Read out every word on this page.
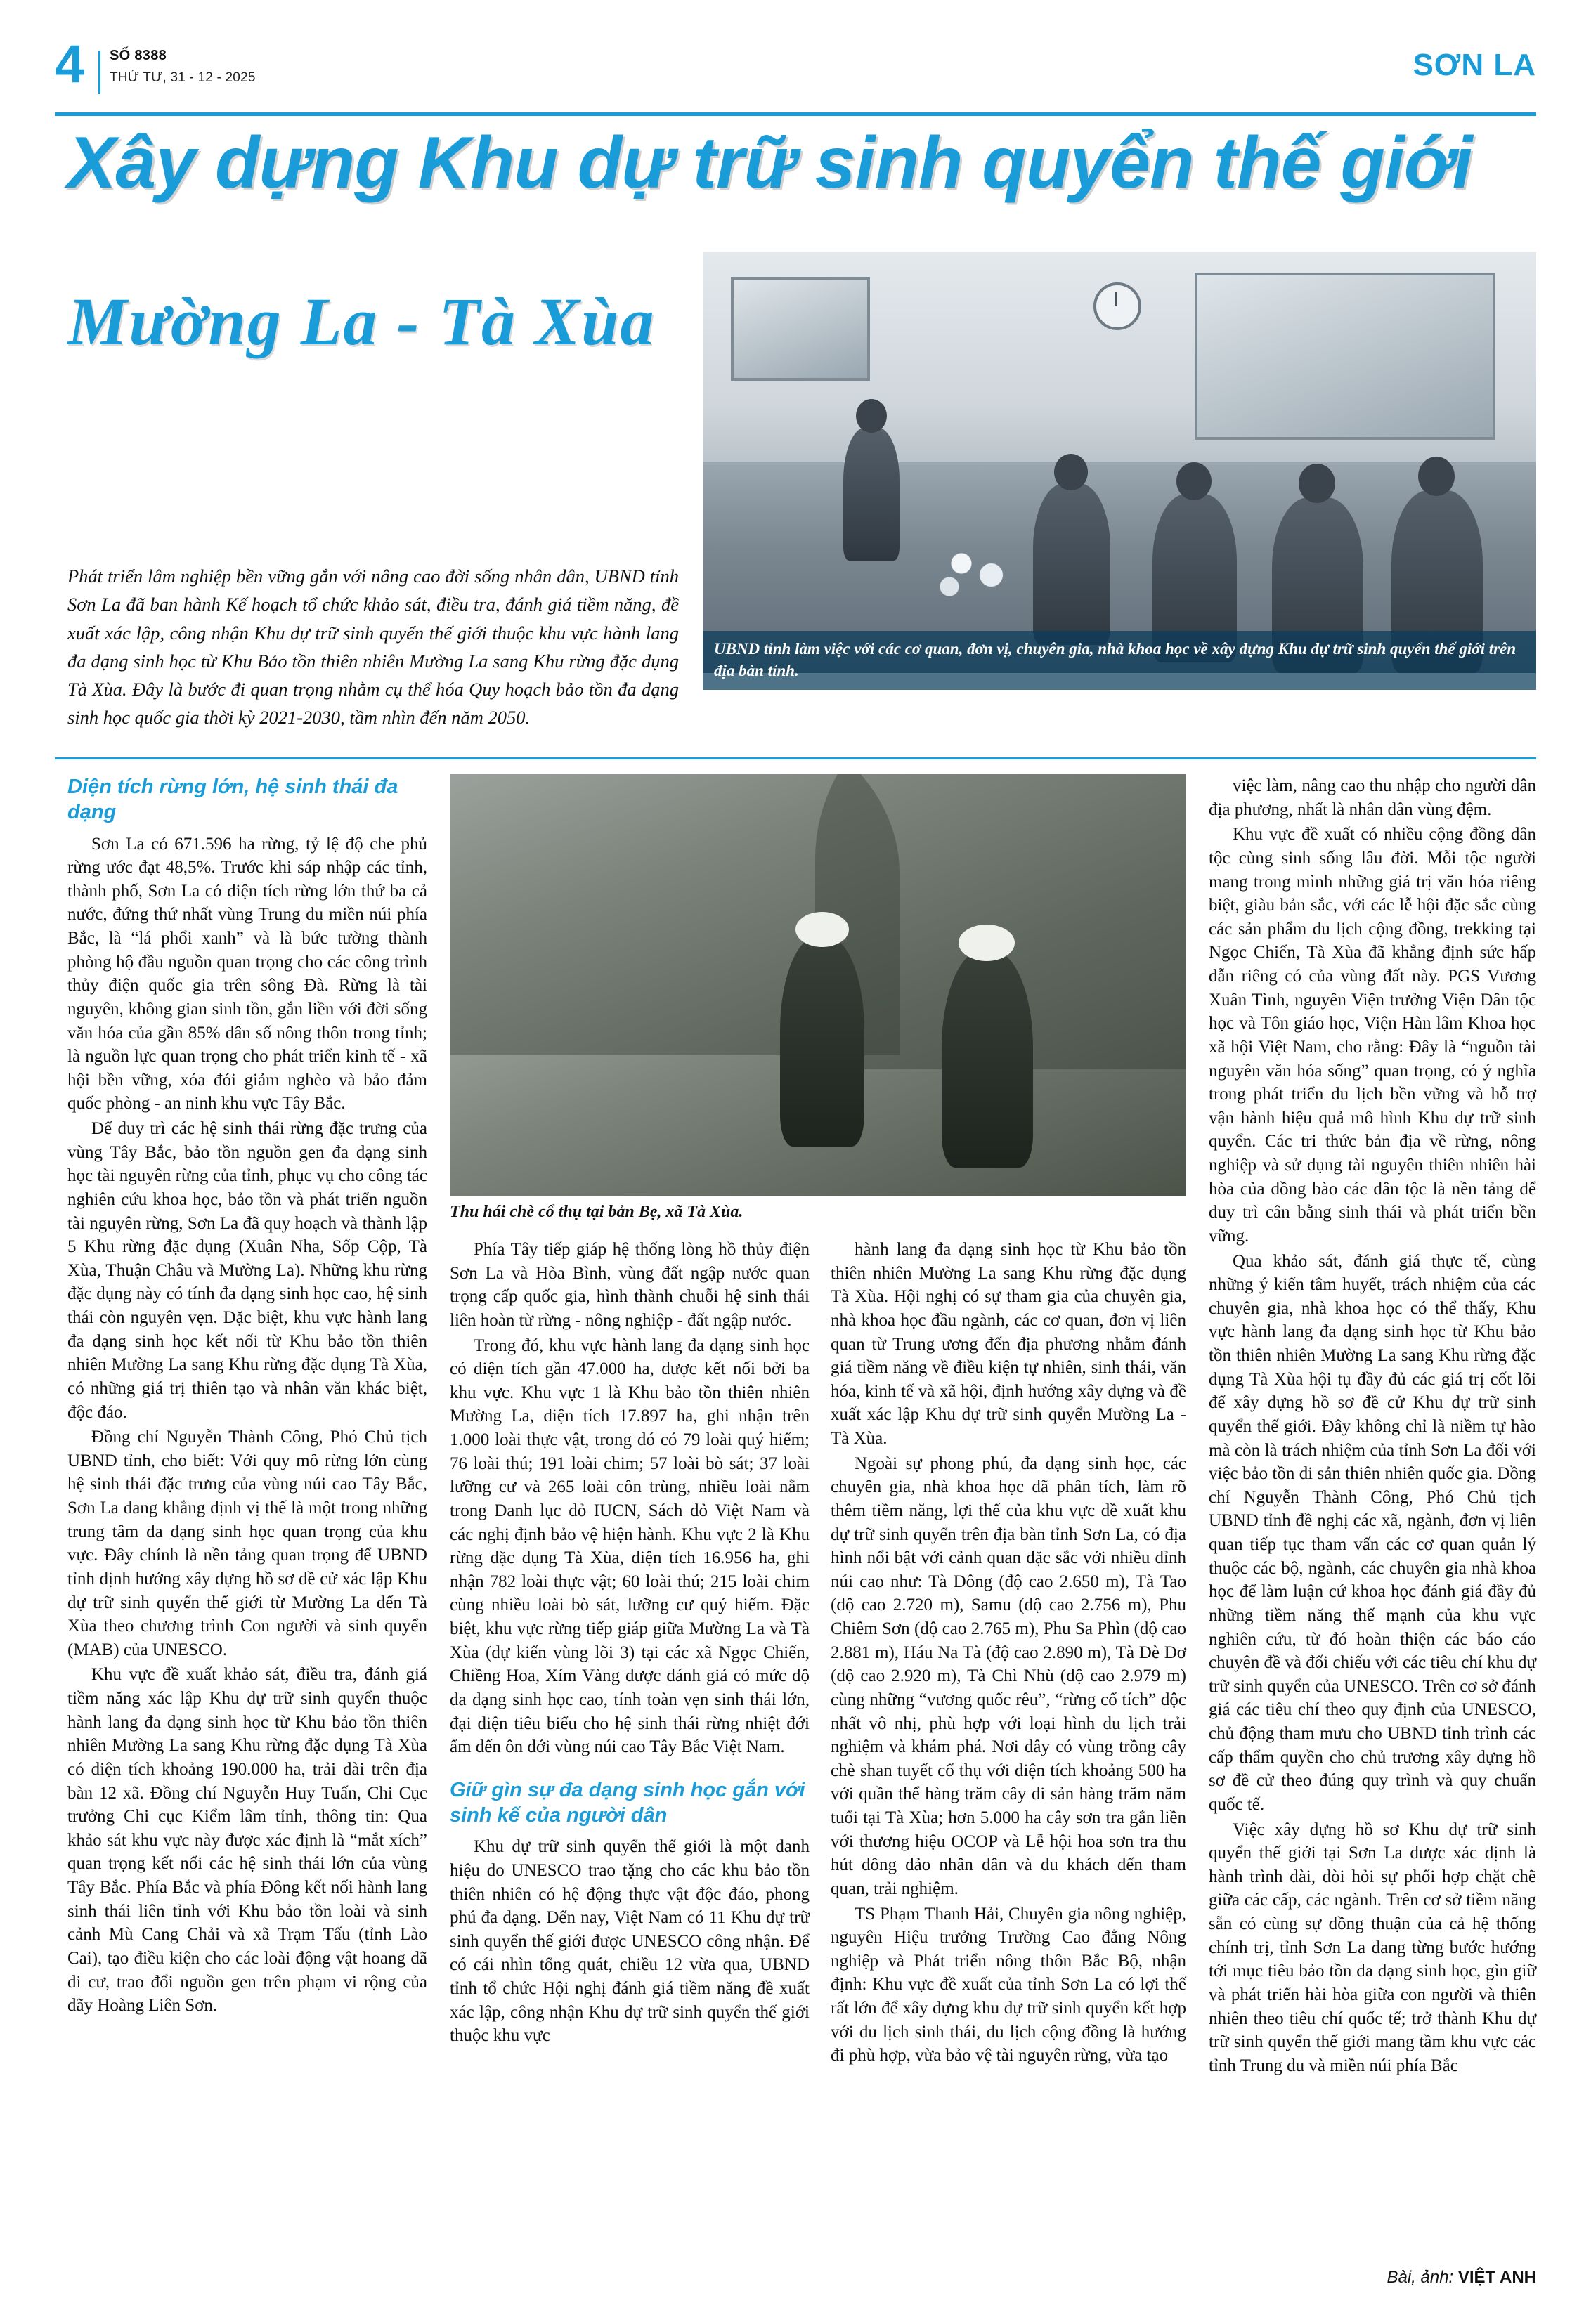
4 SỐ 8388
THỨ TƯ, 31 - 12 - 2025	SƠN LA
Xây dựng Khu dự trữ sinh quyển thế giới
Mường La - Tà Xùa
Phát triển lâm nghiệp bền vững gắn với nâng cao đời sống nhân dân, UBND tỉnh Sơn La đã ban hành Kế hoạch tổ chức khảo sát, điều tra, đánh giá tiềm năng, đề xuất xác lập, công nhận Khu dự trữ sinh quyển thế giới thuộc khu vực hành lang đa dạng sinh học từ Khu Bảo tồn thiên nhiên Mường La sang Khu rừng đặc dụng Tà Xùa. Đây là bước đi quan trọng nhằm cụ thể hóa Quy hoạch bảo tồn đa dạng sinh học quốc gia thời kỳ 2021-2030, tầm nhìn đến năm 2050.
UBND tỉnh làm việc với các cơ quan, đơn vị, chuyên gia, nhà khoa học về xây dựng Khu dự trữ sinh quyển thế giới trên địa bàn tỉnh.
Diện tích rừng lớn, hệ sinh thái đa dạng

Sơn La có 671.596 ha rừng, tỷ lệ độ che phủ rừng ước đạt 48,5%. Trước khi sáp nhập các tỉnh, thành phố, Sơn La có diện tích rừng lớn thứ ba cả nước, đứng thứ nhất vùng Trung du miền núi phía Bắc, là “lá phổi xanh” và là bức tường thành phòng hộ đầu nguồn quan trọng cho các công trình thủy điện quốc gia trên sông Đà. Rừng là tài nguyên, không gian sinh tồn, gắn liền với đời sống văn hóa của gần 85% dân số nông thôn trong tỉnh; là nguồn lực quan trọng cho phát triển kinh tế - xã hội bền vững, xóa đói giảm nghèo và bảo đảm quốc phòng - an ninh khu vực Tây Bắc.

Để duy trì các hệ sinh thái rừng đặc trưng của vùng Tây Bắc, bảo tồn nguồn gen đa dạng sinh học tài nguyên rừng của tỉnh, phục vụ cho công tác nghiên cứu khoa học, bảo tồn và phát triển nguồn tài nguyên rừng, Sơn La đã quy hoạch và thành lập 5 Khu rừng đặc dụng (Xuân Nha, Sốp Cộp, Tà Xùa, Thuận Châu và Mường La). Những khu rừng đặc dụng này có tính đa dạng sinh học cao, hệ sinh thái còn nguyên vẹn. Đặc biệt, khu vực hành lang đa dạng sinh học kết nối từ Khu bảo tồn thiên nhiên Mường La sang Khu rừng đặc dụng Tà Xùa, có những giá trị thiên tạo và nhân văn khác biệt, độc đáo.

Đồng chí Nguyễn Thành Công, Phó Chủ tịch UBND tỉnh, cho biết: Với quy mô rừng lớn cùng hệ sinh thái đặc trưng của vùng núi cao Tây Bắc, Sơn La đang khẳng định vị thế là một trong những trung tâm đa dạng sinh học quan trọng của khu vực. Đây chính là nền tảng quan trọng để UBND tỉnh định hướng xây dựng hồ sơ đề cử xác lập Khu dự trữ sinh quyển thế giới từ Mường La đến Tà Xùa theo chương trình Con người và sinh quyển (MAB) của UNESCO.

Khu vực đề xuất khảo sát, điều tra, đánh giá tiềm năng xác lập Khu dự trữ sinh quyển thuộc hành lang đa dạng sinh học từ Khu bảo tồn thiên nhiên Mường La sang Khu rừng đặc dụng Tà Xùa có diện tích khoảng 190.000 ha, trải dài trên địa bàn 12 xã. Đồng chí Nguyễn Huy Tuấn, Chi Cục trưởng Chi cục Kiểm lâm tỉnh, thông tin: Qua khảo sát khu vực này được xác định là “mắt xích” quan trọng kết nối các hệ sinh thái lớn của vùng Tây Bắc. Phía Bắc và phía Đông kết nối hành lang sinh thái liên tỉnh với Khu bảo tồn loài và sinh cảnh Mù Cang Chải và xã Trạm Tấu (tỉnh Lào Cai), tạo điều kiện cho các loài động vật hoang dã di cư, trao đổi nguồn gen trên phạm vi rộng của dãy Hoàng Liên Sơn.

Thu hái chè cổ thụ tại bản Bẹ, xã Tà Xùa.

Phía Tây tiếp giáp hệ thống lòng hồ thủy điện Sơn La và Hòa Bình, vùng đất ngập nước quan trọng cấp quốc gia, hình thành chuỗi hệ sinh thái liên hoàn từ rừng - nông nghiệp - đất ngập nước.

Trong đó, khu vực hành lang đa dạng sinh học có diện tích gần 47.000 ha, được kết nối bởi ba khu vực. Khu vực 1 là Khu bảo tồn thiên nhiên Mường La, diện tích 17.897 ha, ghi nhận trên 1.000 loài thực vật, trong đó có 79 loài quý hiếm; 76 loài thú; 191 loài chim; 57 loài bò sát; 37 loài lưỡng cư và 265 loài côn trùng, nhiều loài nằm trong Danh lục đỏ IUCN, Sách đỏ Việt Nam và các nghị định bảo vệ hiện hành. Khu vực 2 là Khu rừng đặc dụng Tà Xùa, diện tích 16.956 ha, ghi nhận 782 loài thực vật; 60 loài thú; 215 loài chim cùng nhiều loài bò sát, lưỡng cư quý hiếm. Đặc biệt, khu vực rừng tiếp giáp giữa Mường La và Tà Xùa (dự kiến vùng lõi 3) tại các xã Ngọc Chiến, Chiềng Hoa, Xím Vàng được đánh giá có mức độ đa dạng sinh học cao, tính toàn vẹn sinh thái lớn, đại diện tiêu biểu cho hệ sinh thái rừng nhiệt đới ẩm đến ôn đới vùng núi cao Tây Bắc Việt Nam.

Giữ gìn sự đa dạng sinh học gắn với sinh kế của người dân

Khu dự trữ sinh quyển thế giới là một danh hiệu do UNESCO trao tặng cho các khu bảo tồn thiên nhiên có hệ động thực vật độc đáo, phong phú đa dạng. Đến nay, Việt Nam có 11 Khu dự trữ sinh quyển thế giới được UNESCO công nhận. Để có cái nhìn tổng quát, chiều 12 vừa qua, UBND tỉnh tổ chức Hội nghị đánh giá tiềm năng đề xuất xác lập, công nhận Khu dự trữ sinh quyển thế giới thuộc khu vực

hành lang đa dạng sinh học từ Khu bảo tồn thiên nhiên Mường La sang Khu rừng đặc dụng Tà Xùa. Hội nghị có sự tham gia của chuyên gia, nhà khoa học đầu ngành, các cơ quan, đơn vị liên quan từ Trung ương đến địa phương nhằm đánh giá tiềm năng về điều kiện tự nhiên, sinh thái, văn hóa, kinh tế và xã hội, định hướng xây dựng và đề xuất xác lập Khu dự trữ sinh quyển Mường La - Tà Xùa.

Ngoài sự phong phú, đa dạng sinh học, các chuyên gia, nhà khoa học đã phân tích, làm rõ thêm tiềm năng, lợi thế của khu vực đề xuất khu dự trữ sinh quyển trên địa bàn tỉnh Sơn La, có địa hình nổi bật với cảnh quan đặc sắc với nhiều đỉnh núi cao như: Tà Dông (độ cao 2.650 m), Tà Tao (độ cao 2.720 m), Samu (độ cao 2.756 m), Phu Chiêm Sơn (độ cao 2.765 m), Phu Sa Phìn (độ cao 2.881 m), Háu Na Tà (độ cao 2.890 m), Tà Đè Đơ (độ cao 2.920 m), Tà Chì Nhù (độ cao 2.979 m) cùng những “vương quốc rêu”, “rừng cổ tích” độc nhất vô nhị, phù hợp với loại hình du lịch trải nghiệm và khám phá. Nơi đây có vùng trồng cây chè shan tuyết cổ thụ với diện tích khoảng 500 ha với quần thể hàng trăm cây di sản hàng trăm năm tuổi tại Tà Xùa; hơn 5.000 ha cây sơn tra gắn liền với thương hiệu OCOP và Lễ hội hoa sơn tra thu hút đông đảo nhân dân và du khách đến tham quan, trải nghiệm.

TS Phạm Thanh Hải, Chuyên gia nông nghiệp, nguyên Hiệu trưởng Trường Cao đẳng Nông nghiệp và Phát triển nông thôn Bắc Bộ, nhận định: Khu vực đề xuất của tỉnh Sơn La có lợi thế rất lớn để xây dựng khu dự trữ sinh quyển kết hợp với du lịch sinh thái, du lịch cộng đồng là hướng đi phù hợp, vừa bảo vệ tài nguyên rừng, vừa tạo

việc làm, nâng cao thu nhập cho người dân địa phương, nhất là nhân dân vùng đệm.

Khu vực đề xuất có nhiều cộng đồng dân tộc cùng sinh sống lâu đời. Mỗi tộc người mang trong mình những giá trị văn hóa riêng biệt, giàu bản sắc, với các lễ hội đặc sắc cùng các sản phẩm du lịch cộng đồng, trekking tại Ngọc Chiến, Tà Xùa đã khẳng định sức hấp dẫn riêng có của vùng đất này. PGS Vương Xuân Tình, nguyên Viện trưởng Viện Dân tộc học và Tôn giáo học, Viện Hàn lâm Khoa học xã hội Việt Nam, cho rằng: Đây là “nguồn tài nguyên văn hóa sống” quan trọng, có ý nghĩa trong phát triển du lịch bền vững và hỗ trợ vận hành hiệu quả mô hình Khu dự trữ sinh quyển. Các tri thức bản địa về rừng, nông nghiệp và sử dụng tài nguyên thiên nhiên hài hòa của đồng bào các dân tộc là nền tảng để duy trì cân bằng sinh thái và phát triển bền vững.

Qua khảo sát, đánh giá thực tế, cùng những ý kiến tâm huyết, trách nhiệm của các chuyên gia, nhà khoa học có thể thấy, Khu vực hành lang đa dạng sinh học từ Khu bảo tồn thiên nhiên Mường La sang Khu rừng đặc dụng Tà Xùa hội tụ đầy đủ các giá trị cốt lõi để xây dựng hồ sơ đề cử Khu dự trữ sinh quyển thế giới. Đây không chỉ là niềm tự hào mà còn là trách nhiệm của tỉnh Sơn La đối với việc bảo tồn di sản thiên nhiên quốc gia. Đồng chí Nguyễn Thành Công, Phó Chủ tịch UBND tỉnh đề nghị các xã, ngành, đơn vị liên quan tiếp tục tham vấn các cơ quan quản lý thuộc các bộ, ngành, các chuyên gia nhà khoa học để làm luận cứ khoa học đánh giá đầy đủ những tiềm năng thế mạnh của khu vực nghiên cứu, từ đó hoàn thiện các báo cáo chuyên đề và đối chiếu với các tiêu chí khu dự trữ sinh quyển của UNESCO. Trên cơ sở đánh giá các tiêu chí theo quy định của UNESCO, chủ động tham mưu cho UBND tỉnh trình các cấp thẩm quyền cho chủ trương xây dựng hồ sơ đề cử theo đúng quy trình và quy chuẩn quốc tế.

Việc xây dựng hồ sơ Khu dự trữ sinh quyển thế giới tại Sơn La được xác định là hành trình dài, đòi hỏi sự phối hợp chặt chẽ giữa các cấp, các ngành. Trên cơ sở tiềm năng sẵn có cùng sự đồng thuận của cả hệ thống chính trị, tỉnh Sơn La đang từng bước hướng tới mục tiêu bảo tồn đa dạng sinh học, gìn giữ và phát triển hài hòa giữa con người và thiên nhiên theo tiêu chí quốc tế; trở thành Khu dự trữ sinh quyển thế giới mang tầm khu vực các tỉnh Trung du và miền núi phía Bắc

Bài, ảnh: VIỆT ANH
